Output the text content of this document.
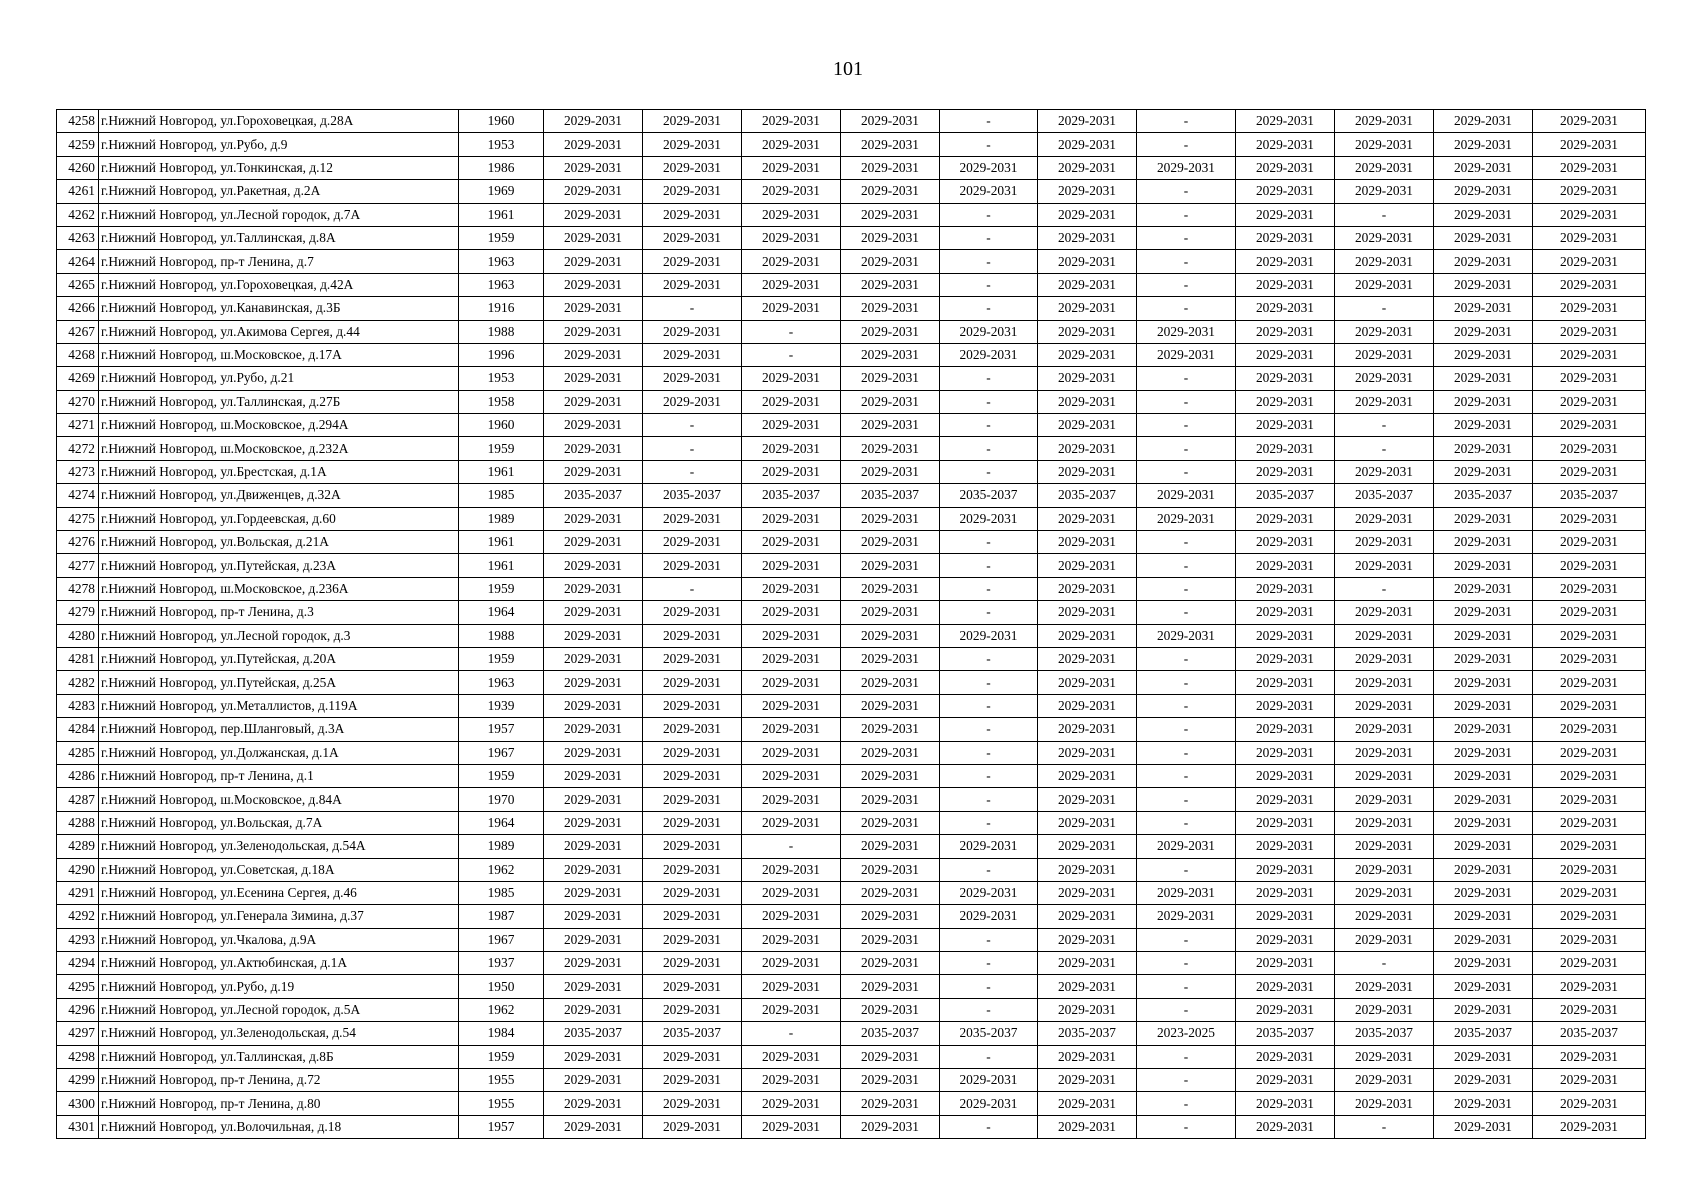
101
4258	г.Нижний Новгород, ул.Гороховецкая, д.28А	1960	2029-2031	2029-2031	2029-2031	2029-2031	-	2029-2031	-	2029-2031	2029-2031	2029-2031	2029-2031
4259	г.Нижний Новгород, ул.Рубо, д.9	1953	2029-2031	2029-2031	2029-2031	2029-2031	-	2029-2031	-	2029-2031	2029-2031	2029-2031	2029-2031
4260	г.Нижний Новгород, ул.Тонкинская, д.12	1986	2029-2031	2029-2031	2029-2031	2029-2031	2029-2031	2029-2031	2029-2031	2029-2031	2029-2031	2029-2031	2029-2031
4261	г.Нижний Новгород, ул.Ракетная, д.2А	1969	2029-2031	2029-2031	2029-2031	2029-2031	2029-2031	2029-2031	-	2029-2031	2029-2031	2029-2031	2029-2031
4262	г.Нижний Новгород, ул.Лесной городок, д.7А	1961	2029-2031	2029-2031	2029-2031	2029-2031	-	2029-2031	-	2029-2031	-	2029-2031	2029-2031
4263	г.Нижний Новгород, ул.Таллинская, д.8А	1959	2029-2031	2029-2031	2029-2031	2029-2031	-	2029-2031	-	2029-2031	2029-2031	2029-2031	2029-2031
4264	г.Нижний Новгород, пр-т Ленина, д.7	1963	2029-2031	2029-2031	2029-2031	2029-2031	-	2029-2031	-	2029-2031	2029-2031	2029-2031	2029-2031
4265	г.Нижний Новгород, ул.Гороховецкая, д.42А	1963	2029-2031	2029-2031	2029-2031	2029-2031	-	2029-2031	-	2029-2031	2029-2031	2029-2031	2029-2031
4266	г.Нижний Новгород, ул.Канавинская, д.3Б	1916	2029-2031	-	2029-2031	2029-2031	-	2029-2031	-	2029-2031	-	2029-2031	2029-2031
4267	г.Нижний Новгород, ул.Акимова Сергея, д.44	1988	2029-2031	2029-2031	-	2029-2031	2029-2031	2029-2031	2029-2031	2029-2031	2029-2031	2029-2031	2029-2031
4268	г.Нижний Новгород, ш.Московское, д.17А	1996	2029-2031	2029-2031	-	2029-2031	2029-2031	2029-2031	2029-2031	2029-2031	2029-2031	2029-2031	2029-2031
4269	г.Нижний Новгород, ул.Рубо, д.21	1953	2029-2031	2029-2031	2029-2031	2029-2031	-	2029-2031	-	2029-2031	2029-2031	2029-2031	2029-2031
4270	г.Нижний Новгород, ул.Таллинская, д.27Б	1958	2029-2031	2029-2031	2029-2031	2029-2031	-	2029-2031	-	2029-2031	2029-2031	2029-2031	2029-2031
4271	г.Нижний Новгород, ш.Московское, д.294А	1960	2029-2031	-	2029-2031	2029-2031	-	2029-2031	-	2029-2031	-	2029-2031	2029-2031
4272	г.Нижний Новгород, ш.Московское, д.232А	1959	2029-2031	-	2029-2031	2029-2031	-	2029-2031	-	2029-2031	-	2029-2031	2029-2031
4273	г.Нижний Новгород, ул.Брестская, д.1А	1961	2029-2031	-	2029-2031	2029-2031	-	2029-2031	-	2029-2031	2029-2031	2029-2031	2029-2031
4274	г.Нижний Новгород, ул.Движенцев, д.32А	1985	2035-2037	2035-2037	2035-2037	2035-2037	2035-2037	2035-2037	2029-2031	2035-2037	2035-2037	2035-2037	2035-2037
4275	г.Нижний Новгород, ул.Гордеевская, д.60	1989	2029-2031	2029-2031	2029-2031	2029-2031	2029-2031	2029-2031	2029-2031	2029-2031	2029-2031	2029-2031	2029-2031
4276	г.Нижний Новгород, ул.Вольская, д.21А	1961	2029-2031	2029-2031	2029-2031	2029-2031	-	2029-2031	-	2029-2031	2029-2031	2029-2031	2029-2031
4277	г.Нижний Новгород, ул.Путейская, д.23А	1961	2029-2031	2029-2031	2029-2031	2029-2031	-	2029-2031	-	2029-2031	2029-2031	2029-2031	2029-2031
4278	г.Нижний Новгород, ш.Московское, д.236А	1959	2029-2031	-	2029-2031	2029-2031	-	2029-2031	-	2029-2031	-	2029-2031	2029-2031
4279	г.Нижний Новгород, пр-т Ленина, д.3	1964	2029-2031	2029-2031	2029-2031	2029-2031	-	2029-2031	-	2029-2031	2029-2031	2029-2031	2029-2031
4280	г.Нижний Новгород, ул.Лесной городок, д.3	1988	2029-2031	2029-2031	2029-2031	2029-2031	2029-2031	2029-2031	2029-2031	2029-2031	2029-2031	2029-2031	2029-2031
4281	г.Нижний Новгород, ул.Путейская, д.20А	1959	2029-2031	2029-2031	2029-2031	2029-2031	-	2029-2031	-	2029-2031	2029-2031	2029-2031	2029-2031
4282	г.Нижний Новгород, ул.Путейская, д.25А	1963	2029-2031	2029-2031	2029-2031	2029-2031	-	2029-2031	-	2029-2031	2029-2031	2029-2031	2029-2031
4283	г.Нижний Новгород, ул.Металлистов, д.119А	1939	2029-2031	2029-2031	2029-2031	2029-2031	-	2029-2031	-	2029-2031	2029-2031	2029-2031	2029-2031
4284	г.Нижний Новгород, пер.Шланговый, д.3А	1957	2029-2031	2029-2031	2029-2031	2029-2031	-	2029-2031	-	2029-2031	2029-2031	2029-2031	2029-2031
4285	г.Нижний Новгород, ул.Должанская, д.1А	1967	2029-2031	2029-2031	2029-2031	2029-2031	-	2029-2031	-	2029-2031	2029-2031	2029-2031	2029-2031
4286	г.Нижний Новгород, пр-т Ленина, д.1	1959	2029-2031	2029-2031	2029-2031	2029-2031	-	2029-2031	-	2029-2031	2029-2031	2029-2031	2029-2031
4287	г.Нижний Новгород, ш.Московское, д.84А	1970	2029-2031	2029-2031	2029-2031	2029-2031	-	2029-2031	-	2029-2031	2029-2031	2029-2031	2029-2031
4288	г.Нижний Новгород, ул.Вольская, д.7А	1964	2029-2031	2029-2031	2029-2031	2029-2031	-	2029-2031	-	2029-2031	2029-2031	2029-2031	2029-2031
4289	г.Нижний Новгород, ул.Зеленодольская, д.54А	1989	2029-2031	2029-2031	-	2029-2031	2029-2031	2029-2031	2029-2031	2029-2031	2029-2031	2029-2031	2029-2031
4290	г.Нижний Новгород, ул.Советская, д.18А	1962	2029-2031	2029-2031	2029-2031	2029-2031	-	2029-2031	-	2029-2031	2029-2031	2029-2031	2029-2031
4291	г.Нижний Новгород, ул.Есенина Сергея, д.46	1985	2029-2031	2029-2031	2029-2031	2029-2031	2029-2031	2029-2031	2029-2031	2029-2031	2029-2031	2029-2031	2029-2031
4292	г.Нижний Новгород, ул.Генерала Зимина, д.37	1987	2029-2031	2029-2031	2029-2031	2029-2031	2029-2031	2029-2031	2029-2031	2029-2031	2029-2031	2029-2031	2029-2031
4293	г.Нижний Новгород, ул.Чкалова, д.9А	1967	2029-2031	2029-2031	2029-2031	2029-2031	-	2029-2031	-	2029-2031	2029-2031	2029-2031	2029-2031
4294	г.Нижний Новгород, ул.Актюбинская, д.1А	1937	2029-2031	2029-2031	2029-2031	2029-2031	-	2029-2031	-	2029-2031	-	2029-2031	2029-2031
4295	г.Нижний Новгород, ул.Рубо, д.19	1950	2029-2031	2029-2031	2029-2031	2029-2031	-	2029-2031	-	2029-2031	2029-2031	2029-2031	2029-2031
4296	г.Нижний Новгород, ул.Лесной городок, д.5А	1962	2029-2031	2029-2031	2029-2031	2029-2031	-	2029-2031	-	2029-2031	2029-2031	2029-2031	2029-2031
4297	г.Нижний Новгород, ул.Зеленодольская, д.54	1984	2035-2037	2035-2037	-	2035-2037	2035-2037	2035-2037	2023-2025	2035-2037	2035-2037	2035-2037	2035-2037
4298	г.Нижний Новгород, ул.Таллинская, д.8Б	1959	2029-2031	2029-2031	2029-2031	2029-2031	-	2029-2031	-	2029-2031	2029-2031	2029-2031	2029-2031
4299	г.Нижний Новгород, пр-т Ленина, д.72	1955	2029-2031	2029-2031	2029-2031	2029-2031	2029-2031	2029-2031	-	2029-2031	2029-2031	2029-2031	2029-2031
4300	г.Нижний Новгород, пр-т Ленина, д.80	1955	2029-2031	2029-2031	2029-2031	2029-2031	2029-2031	2029-2031	-	2029-2031	2029-2031	2029-2031	2029-2031
4301	г.Нижний Новгород, ул.Волочильная, д.18	1957	2029-2031	2029-2031	2029-2031	2029-2031	-	2029-2031	-	2029-2031	-	2029-2031	2029-2031
